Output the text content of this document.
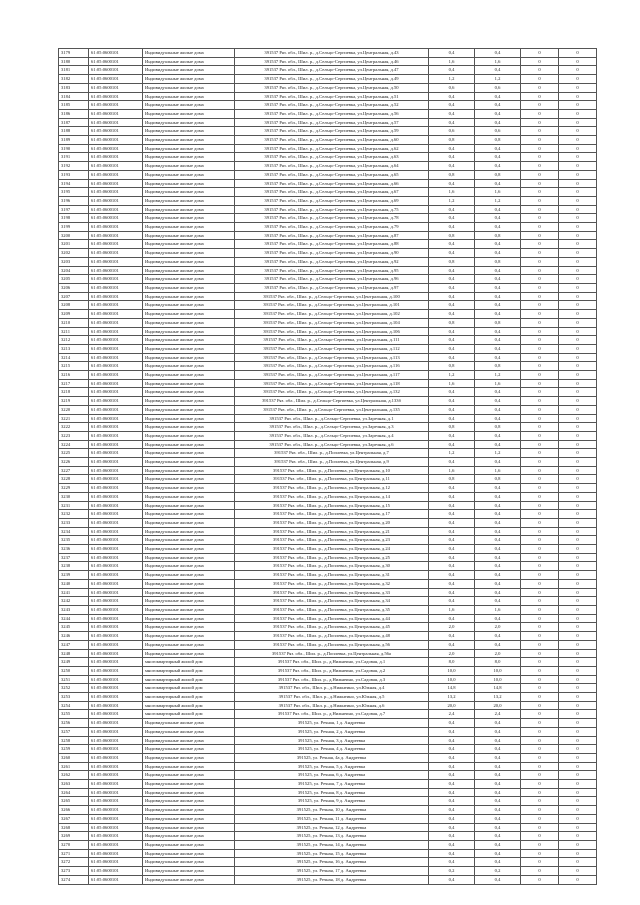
3179	61:05:0600101	Индивидуальные жилые дома	391537 Ряз. обл., Шил. р., д.Сельцо-Сергиевка, ул.Центральная, д.43	0,4	0,4	0	0
3180	61:05:0600101	Индивидуальные жилые дома	391537 Ряз. обл., Шил. р., д.Сельцо-Сергиевка, ул.Центральная, д.46	1,6	1,6	0	0
3181	61:05:0600101	Индивидуальные жилые дома	391537 Ряз. обл., Шил. р., д.Сельцо-Сергиевка, ул.Центральная, д.47	0,4	0,4	0	0
3182	61:05:0600101	Индивидуальные жилые дома	391537 Ряз. обл., Шил. р., д.Сельцо-Сергиевка, ул.Центральная, д.49	1,2	1,2	0	0
3183	61:05:0600101	Индивидуальные жилые дома	391537 Ряз. обл., Шил. р., д.Сельцо-Сергиевка, ул.Центральная, д.50	0,6	0,6	0	0
3184	61:05:0600101	Индивидуальные жилые дома	391537 Ряз. обл., Шил. р., д.Сельцо-Сергиевка, ул.Центральная, д.51	0,4	0,4	0	0
3185	61:05:0600101	Индивидуальные жилые дома	391537 Ряз. обл., Шил. р., д.Сельцо-Сергиевка, ул.Центральная, д.52	0,4	0,4	0	0
3186	61:05:0600101	Индивидуальные жилые дома	391537 Ряз. обл., Шил. р., д.Сельцо-Сергиевка, ул.Центральная, д.56	0,4	0,4	0	0
3187	61:05:0600101	Индивидуальные жилые дома	391537 Ряз. обл., Шил. р., д.Сельцо-Сергиевка, ул.Центральная, д.57	0,4	0,4	0	0
3188	61:05:0600101	Индивидуальные жилые дома	391537 Ряз. обл., Шил. р., д.Сельцо-Сергиевка, ул.Центральная, д.59	0,6	0,6	0	0
3189	61:05:0600101	Индивидуальные жилые дома	391537 Ряз. обл., Шил. р., д.Сельцо-Сергиевка, ул.Центральная, д.60	0,8	0,8	0	0
3190	61:05:0600101	Индивидуальные жилые дома	391537 Ряз. обл., Шил. р., д.Сельцо-Сергиевка, ул.Центральная, д.62	0,4	0,4	0	0
3191	61:05:0600101	Индивидуальные жилые дома	391537 Ряз. обл., Шил. р., д.Сельцо-Сергиевка, ул.Центральная, д.63	0,4	0,4	0	0
3192	61:05:0600101	Индивидуальные жилые дома	391537 Ряз. обл., Шил. р., д.Сельцо-Сергиевка, ул.Центральная, д.64	0,4	0,4	0	0
3193	61:05:0600101	Индивидуальные жилые дома	391537 Ряз. обл., Шил. р., д.Сельцо-Сергиевка, ул.Центральная, д.65	0,8	0,8	0	0
3194	61:05:0600101	Индивидуальные жилые дома	391537 Ряз. обл., Шил. р., д.Сельцо-Сергиевка, ул.Центральная, д.66	0,4	0,4	0	0
3195	61:05:0600101	Индивидуальные жилые дома	391537 Ряз. обл., Шил. р., д.Сельцо-Сергиевка, ул.Центральная, д.67	1,6	1,6	0	0
3196	61:05:0600101	Индивидуальные жилые дома	391537 Ряз. обл., Шил. р., д.Сельцо-Сергиевка, ул.Центральная, д.69	1,2	1,2	0	0
3197	61:05:0600101	Индивидуальные жилые дома	391537 Ряз. обл., Шил. р., д.Сельцо-Сергиевка, ул.Центральная, д.75	0,4	0,4	0	0
3198	61:05:0600101	Индивидуальные жилые дома	391537 Ряз. обл., Шил. р., д.Сельцо-Сергиевка, ул.Центральная, д.78	0,4	0,4	0	0
3199	61:05:0600101	Индивидуальные жилые дома	391537 Ряз. обл., Шил. р., д.Сельцо-Сергиевка, ул.Центральная, д.79	0,4	0,4	0	0
3200	61:05:0600101	Индивидуальные жилые дома	391537 Ряз. обл., Шил. р., д.Сельцо-Сергиевка, ул.Центральная, д.87	0,8	0,8	0	0
3201	61:05:0600101	Индивидуальные жилые дома	391537 Ряз. обл., Шил. р., д.Сельцо-Сергиевка, ул.Центральная, д.88	0,4	0,4	0	0
3202	61:05:0600101	Индивидуальные жилые дома	391537 Ряз. обл., Шил. р., д.Сельцо-Сергиевка, ул.Центральная, д.90	0,4	0,4	0	0
3203	61:05:0600101	Индивидуальные жилые дома	391537 Ряз. обл., Шил. р., д.Сельцо-Сергиевка, ул.Центральная, д.92	0,8	0,8	0	0
3204	61:05:0600101	Индивидуальные жилые дома	391537 Ряз. обл., Шил. р., д.Сельцо-Сергиевка, ул.Центральная, д.95	0,4	0,4	0	0
3205	61:05:0600101	Индивидуальные жилые дома	391537 Ряз. обл., Шил. р., д.Сельцо-Сергиевка, ул.Центральная, д.96	0,4	0,4	0	0
3206	61:05:0600101	Индивидуальные жилые дома	391537 Ряз. обл., Шил. р., д.Сельцо-Сергиевка, ул.Центральная, д.97	0,4	0,4	0	0
3207	61:05:0600101	Индивидуальные жилые дома	391537 Ряз. обл., Шил. р., д.Сельцо-Сергиевка, ул.Центральная, д.100	0,4	0,4	0	0
3208	61:05:0600101	Индивидуальные жилые дома	391537 Ряз. обл., Шил. р., д.Сельцо-Сергиевка, ул.Центральная, д.101	0,4	0,4	0	0
3209	61:05:0600101	Индивидуальные жилые дома	391537 Ряз. обл., Шил. р., д.Сельцо-Сергиевка, ул.Центральная, д.102	0,4	0,4	0	0
3210	61:05:0600101	Индивидуальные жилые дома	391537 Ряз. обл., Шил. р., д.Сельцо-Сергиевка, ул.Центральная, д.104	0,8	0,8	0	0
3211	61:05:0600101	Индивидуальные жилые дома	391537 Ряз. обл., Шил. р., д.Сельцо-Сергиевка, ул.Центральная, д.106	0,4	0,4	0	0
3212	61:05:0600101	Индивидуальные жилые дома	391537 Ряз. обл., Шил. р., д.Сельцо-Сергиевка, ул.Центральная, д.111	0,4	0,4	0	0
3213	61:05:0600101	Индивидуальные жилые дома	391537 Ряз. обл., Шил. р., д.Сельцо-Сергиевка, ул.Центральная, д.112	0,4	0,4	0	0
3214	61:05:0600101	Индивидуальные жилые дома	391537 Ряз. обл., Шил. р., д.Сельцо-Сергиевка, ул.Центральная, д.113	0,4	0,4	0	0
3215	61:05:0600101	Индивидуальные жилые дома	391537 Ряз. обл., Шил. р., д.Сельцо-Сергиевка, ул.Центральная, д.116	0,8	0,8	0	0
3216	61:05:0600101	Индивидуальные жилые дома	391537 Ряз. обл., Шил. р., д.Сельцо-Сергиевка, ул.Центральная, д.117	1,2	1,2	0	0
3217	61:05:0600101	Индивидуальные жилые дома	391537 Ряз. обл., Шил. р., д.Сельцо-Сергиевка, ул.Центральная, д.118	1,6	1,6	0	0
3218	61:05:0600101	Индивидуальные жилые дома	391537 Ряз. обл., Шил. р., д.Сельцо-Сергиевка, ул.Центральная, д.132	0,4	0,4	0	0
3219	61:05:0600101	Индивидуальные жилые дома	391537 Ряз. обл., Шил. р., д.Сельцо-Сергиевка, ул.Центральная, д.133б	0,4	0,4	0	0
3220	61:05:0600101	Индивидуальные жилые дома	391537 Ряз. обл., Шил. р., д.Сельцо-Сергиевка, ул.Центральная, д.135	0,4	0,4	0	0
3221	61:05:0600101	Индивидуальные жилые дома	391537 Ряз. обл., Шил. р., д.Сельцо-Сергиевка, ул.Заречная, д.1	0,4	0,4	0	0
3222	61:05:0600101	Индивидуальные жилые дома	391537 Ряз. обл., Шил. р., д.Сельцо-Сергиевка, ул.Заречная, д.3	0,8	0,8	0	0
3223	61:05:0600101	Индивидуальные жилые дома	391537 Ряз. обл., Шил. р., д.Сельцо-Сергиевка, ул.Заречная, д.4	0,4	0,4	0	0
3224	61:05:0600101	Индивидуальные жилые дома	391537 Ряз. обл., Шил. р., д.Сельцо-Сергиевка, ул.Заречная, д.6	0,4	0,4	0	0
3225	61:05:0600101	Индивидуальные жилые дома	391537 Ряз. обл., Шил. р., д.Поплевка, ул.Центральная, д.7	1,2	1,2	0	0
3226	61:05:0600101	Индивидуальные жилые дома	391537 Ряз. обл., Шил. р., д.Поплевка, ул.Центральная, д.9	0,4	0,4	0	0
3227	61:05:0600101	Индивидуальные жилые дома	391537 Ряз. обл., Шил. р., д.Поплевка, ул.Центральная, д.10	1,6	1,6	0	0
3228	61:05:0600101	Индивидуальные жилые дома	391537 Ряз. обл., Шил. р., д.Поплевка, ул.Центральная, д.11	0,8	0,8	0	0
3229	61:05:0600101	Индивидуальные жилые дома	391537 Ряз. обл., Шил. р., д.Поплевка, ул.Центральная, д.12	0,4	0,4	0	0
3230	61:05:0600101	Индивидуальные жилые дома	391537 Ряз. обл., Шил. р., д.Поплевка, ул.Центральная, д.14	0,4	0,4	0	0
3231	61:05:0600101	Индивидуальные жилые дома	391537 Ряз. обл., Шил. р., д.Поплевка, ул.Центральная, д.15	0,4	0,4	0	0
3232	61:05:0600101	Индивидуальные жилые дома	391537 Ряз. обл., Шил. р., д.Поплевка, ул.Центральная, д.17	0,4	0,4	0	0
3233	61:05:0600101	Индивидуальные жилые дома	391537 Ряз. обл., Шил. р., д.Поплевка, ул.Центральная, д.20	0,4	0,4	0	0
3234	61:05:0600101	Индивидуальные жилые дома	391537 Ряз. обл., Шил. р., д.Поплевка, ул.Центральная, д.21	0,4	0,4	0	0
3235	61:05:0600101	Индивидуальные жилые дома	391537 Ряз. обл., Шил. р., д.Поплевка, ул.Центральная, д.23	0,4	0,4	0	0
3236	61:05:0600101	Индивидуальные жилые дома	391537 Ряз. обл., Шил. р., д.Поплевка, ул.Центральная, д.24	0,4	0,4	0	0
3237	61:05:0600101	Индивидуальные жилые дома	391537 Ряз. обл., Шил. р., д.Поплевка, ул.Центральная, д.25	0,4	0,4	0	0
3238	61:05:0600101	Индивидуальные жилые дома	391537 Ряз. обл., Шил. р., д.Поплевка, ул.Центральная, д.30	0,4	0,4	0	0
3239	61:05:0600101	Индивидуальные жилые дома	391537 Ряз. обл., Шил. р., д.Поплевка, ул.Центральная, д.31	0,4	0,4	0	0
3240	61:05:0600101	Индивидуальные жилые дома	391537 Ряз. обл., Шил. р., д.Поплевка, ул.Центральная, д.32	0,4	0,4	0	0
3241	61:05:0600101	Индивидуальные жилые дома	391537 Ряз. обл., Шил. р., д.Поплевка, ул.Центральная, д.33	0,4	0,4	0	0
3242	61:05:0600101	Индивидуальные жилые дома	391537 Ряз. обл., Шил. р., д.Поплевка, ул.Центральная, д.34	0,4	0,4	0	0
3243	61:05:0600101	Индивидуальные жилые дома	391537 Ряз. обл., Шил. р., д.Поплевка, ул.Центральная, д.35	1,6	1,6	0	0
3244	61:05:0600101	Индивидуальные жилые дома	391537 Ряз. обл., Шил. р., д.Поплевка, ул.Центральная, д.44	0,4	0,4	0	0
3245	61:05:0600101	Индивидуальные жилые дома	391537 Ряз. обл., Шил. р., д.Поплевка, ул.Центральная, д.45	2,0	2,0	0	0
3246	61:05:0600101	Индивидуальные жилые дома	391537 Ряз. обл., Шил. р., д.Поплевка, ул.Центральная, д.48	0,4	0,4	0	0
3247	61:05:0600101	Индивидуальные жилые дома	391537 Ряз. обл., Шил. р., д.Поплевка, ул.Центральная, д.56	0,4	0,4	0	0
3248	61:05:0600101	Индивидуальные жилые дома	391537 Ряз. обл., Шил. р., д.Поплевка, ул.Центральная, д.56а	2,0	2,0	0	0
3249	61:05:0600101	многоквартирный жилой дом	391537 Ряз. обл., Шил. р., д.Нижнеино, ул.Садовая, д.1	8,0	8,0	0	0
3250	61:05:0600101	многоквартирный жилой дом	391537 Ряз. обл., Шил. р., д.Нижнеино, ул.Садовая, д.2	10,0	10,0	0	0
3251	61:05:0600101	многоквартирный жилой дом	391537 Ряз. обл., Шил. р., д.Нижнеино, ул.Садовая, д.3	10,0	10,0	0	0
3252	61:05:0600101	многоквартирный жилой дом	391537 Ряз. обл., Шил. р., д.Нижнеино, ул.Южная, д.4	14,8	14,8	0	0
3253	61:05:0600101	многоквартирный жилой дом	391537 Ряз. обл., Шил. р., д.Нижнеино, ул.Южная, д.5	13,2	13,2	0	0
3254	61:05:0600101	многоквартирный жилой дом	391537 Ряз. обл., Шил. р., д.Нижнеино, ул.Южная, д.6	20,0	20,0	0	0
3255	61:05:0600101	многоквартирный жилой дом	391537 Ряз. обл., Шил. р., д.Нижнеино, ул.Садовая, д.7	2,4	2,4	0	0
3256	61:05:0600101	Индивидуальные жилые дома	391525, ул. Речная, 1 д. Андреевка	0,4	0,4	0	0
3257	61:05:0600101	Индивидуальные жилые дома	391525, ул. Речная, 2 д. Андреевка	0,4	0,4	0	0
3258	61:05:0600101	Индивидуальные жилые дома	391525, ул. Речная, 3 д. Андреевка	0,4	0,4	0	0
3259	61:05:0600101	Индивидуальные жилые дома	391525, ул. Речная, 4 д. Андреевка	0,4	0,4	0	0
3260	61:05:0600101	Индивидуальные жилые дома	391525, ул. Речная, 4а д. Андреевка	0,4	0,4	0	0
3261	61:05:0600101	Индивидуальные жилые дома	391525, ул. Речная, 5 д. Андреевка	0,4	0,4	0	0
3262	61:05:0600101	Индивидуальные жилые дома	391525, ул. Речная, 6 д. Андреевка	0,4	0,4	0	0
3263	61:05:0600101	Индивидуальные жилые дома	391525, ул. Речная, 7 д. Андреевка	0,4	0,4	0	0
3264	61:05:0600101	Индивидуальные жилые дома	391525, ул. Речная, 8 д. Андреевка	0,4	0,4	0	0
3265	61:05:0600101	Индивидуальные жилые дома	391525, ул. Речная, 9 д. Андреевка	0,4	0,4	0	0
3266	61:05:0600101	Индивидуальные жилые дома	391525, ул. Речная, 10 д. Андреевка	0,4	0,4	0	0
3267	61:05:0600101	Индивидуальные жилые дома	391525, ул. Речная, 11 д. Андреевка	0,4	0,4	0	0
3268	61:05:0600101	Индивидуальные жилые дома	391525, ул. Речная, 12 д. Андреевка	0,4	0,4	0	0
3269	61:05:0600101	Индивидуальные жилые дома	391525, ул. Речная, 13 д. Андреевка	0,4	0,4	0	0
3270	61:05:0600101	Индивидуальные жилые дома	391525, ул. Речная, 14 д. Андреевка	0,4	0,4	0	0
3271	61:05:0600101	Индивидуальные жилые дома	391525, ул. Речная, 15 д. Андреевка	0,4	0,4	0	0
3272	61:05:0600101	Индивидуальные жилые дома	391525, ул. Речная, 16 д. Андреевка	0,4	0,4	0	0
3273	61:05:0600101	Индивидуальные жилые дома	391525, ул. Речная, 17 д. Андреевка	0,2	0,2	0	0
3274	61:05:0600101	Индивидуальные жилые дома	391525, ул. Речная, 18 д. Андреевка	0,4	0,4	0	0
